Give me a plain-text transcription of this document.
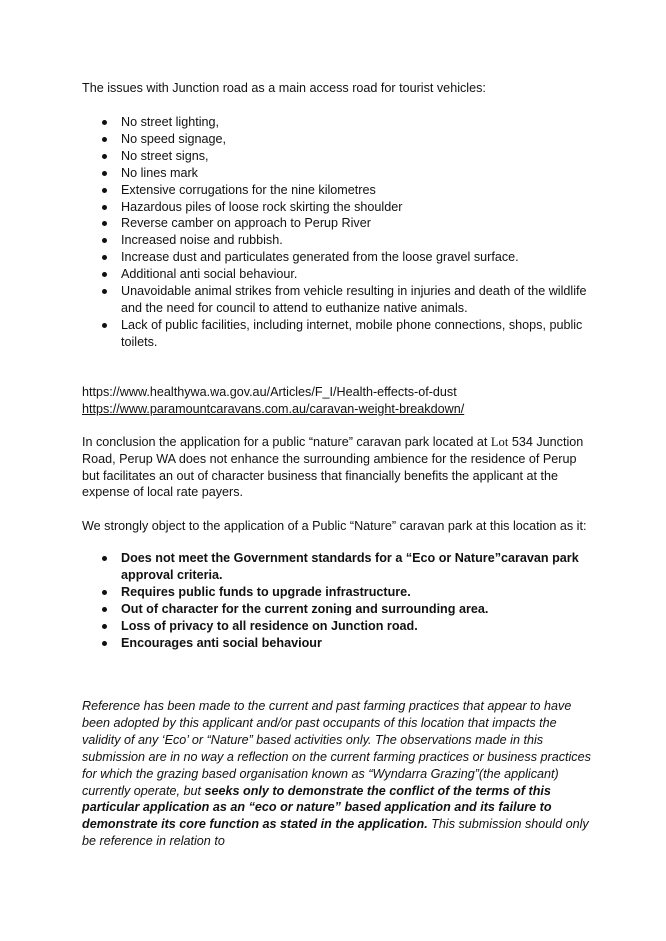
The issues with Junction road as a main access road for tourist vehicles:

No street lighting,
No speed signage,
No street signs,
No lines mark
Extensive corrugations for the nine kilometres
Hazardous piles of loose rock skirting the shoulder
Reverse camber on approach to Perup River
Increased noise and rubbish.
Increase dust and particulates generated from the loose gravel surface.
Additional anti social behaviour.
Unavoidable animal strikes from vehicle resulting in injuries and death of the wildlife and the need for council to attend to euthanize native animals.
Lack of public facilities, including internet, mobile phone connections, shops, public toilets.

https://www.healthywa.wa.gov.au/Articles/F_I/Health-effects-of-dust

https://www.paramountcaravans.com.au/caravan-weight-breakdown/

In conclusion the application for a public “nature” caravan park located at Lot 534 Junction Road, Perup WA does not enhance the surrounding ambience for the residence of Perup but facilitates an out of character business that financially benefits the applicant at the expense of local rate payers.

We strongly object to the application of a Public “Nature” caravan park at this location as it:

Does not meet the Government standards for a “Eco or Nature”caravan park approval criteria.
Requires public funds to upgrade infrastructure.
Out of character for the current zoning and surrounding area.
Loss of privacy to all residence on Junction road.
Encourages anti social behaviour

Reference has been made to the current and past farming practices that appear to have been adopted by this applicant and/or past occupants of this location that impacts the validity of any ‘Eco’ or “Nature” based activities only. The observations made in this submission are in no way a reflection on the current farming practices or business practices for which the grazing based organisation known as “Wyndarra Grazing”(the applicant) currently operate, but seeks only to demonstrate the conflict of the terms of this particular application as an “eco or nature” based application and its failure to demonstrate its core function as stated in the application. This submission should only be reference in relation to
